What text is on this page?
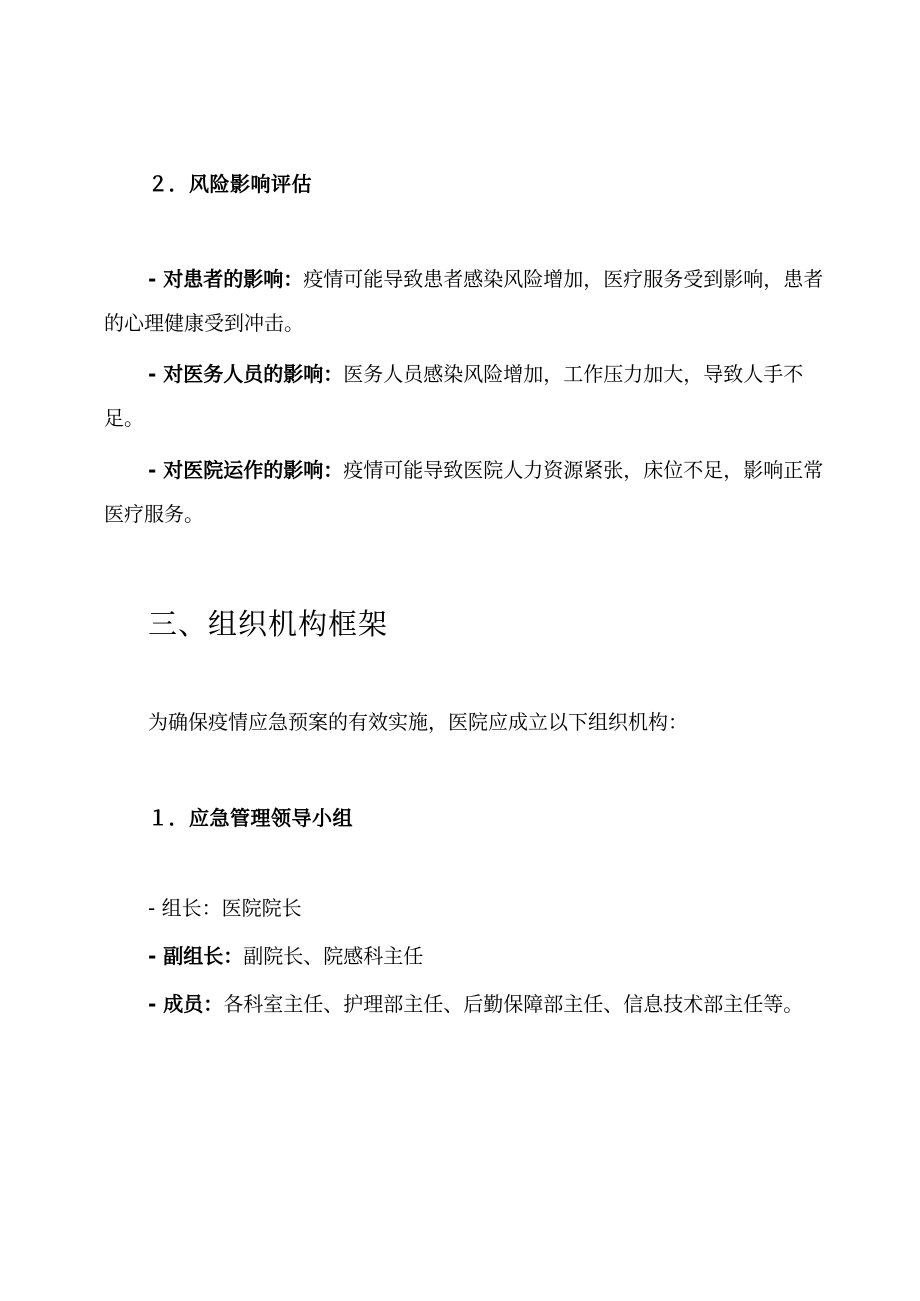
２．风险影响评估
- 对患者的影响：疫情可能导致患者感染风险增加，医疗服务受到影响，患者的心理健康受到冲击。
- 对医务人员的影响：医务人员感染风险增加，工作压力加大，导致人手不足。
- 对医院运作的影响：疫情可能导致医院人力资源紧张，床位不足，影响正常医疗服务。
三、组织机构框架
为确保疫情应急预案的有效实施，医院应成立以下组织机构：
１．应急管理领导小组
- 组长：医院院长
- 副组长：副院长、院感科主任
- 成员：各科室主任、护理部主任、后勤保障部主任、信息技术部主任等。
